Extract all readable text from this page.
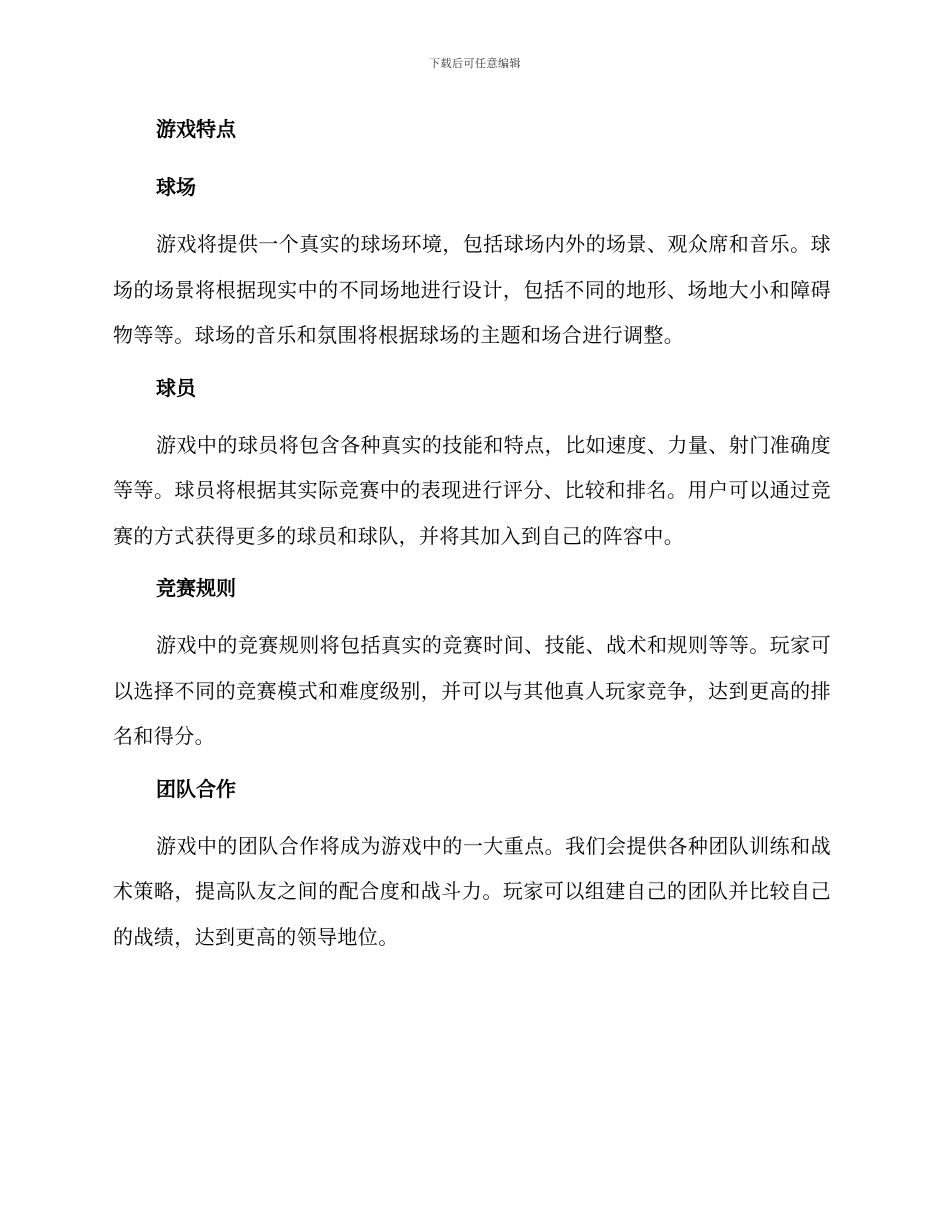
下载后可任意编辑
游戏特点
球场

游戏将提供一个真实的球场环境，包括球场内外的场景、观众席和音乐。球场的场景将根据现实中的不同场地进行设计，包括不同的地形、场地大小和障碍物等等。球场的音乐和氛围将根据球场的主题和场合进行调整。

球员

游戏中的球员将包含各种真实的技能和特点，比如速度、力量、射门准确度等等。球员将根据其实际竞赛中的表现进行评分、比较和排名。用户可以通过竞赛的方式获得更多的球员和球队，并将其加入到自己的阵容中。

竞赛规则

游戏中的竞赛规则将包括真实的竞赛时间、技能、战术和规则等等。玩家可以选择不同的竞赛模式和难度级别，并可以与其他真人玩家竞争，达到更高的排名和得分。

团队合作

游戏中的团队合作将成为游戏中的一大重点。我们会提供各种团队训练和战术策略，提高队友之间的配合度和战斗力。玩家可以组建自己的团队并比较自己的战绩，达到更高的领导地位。
